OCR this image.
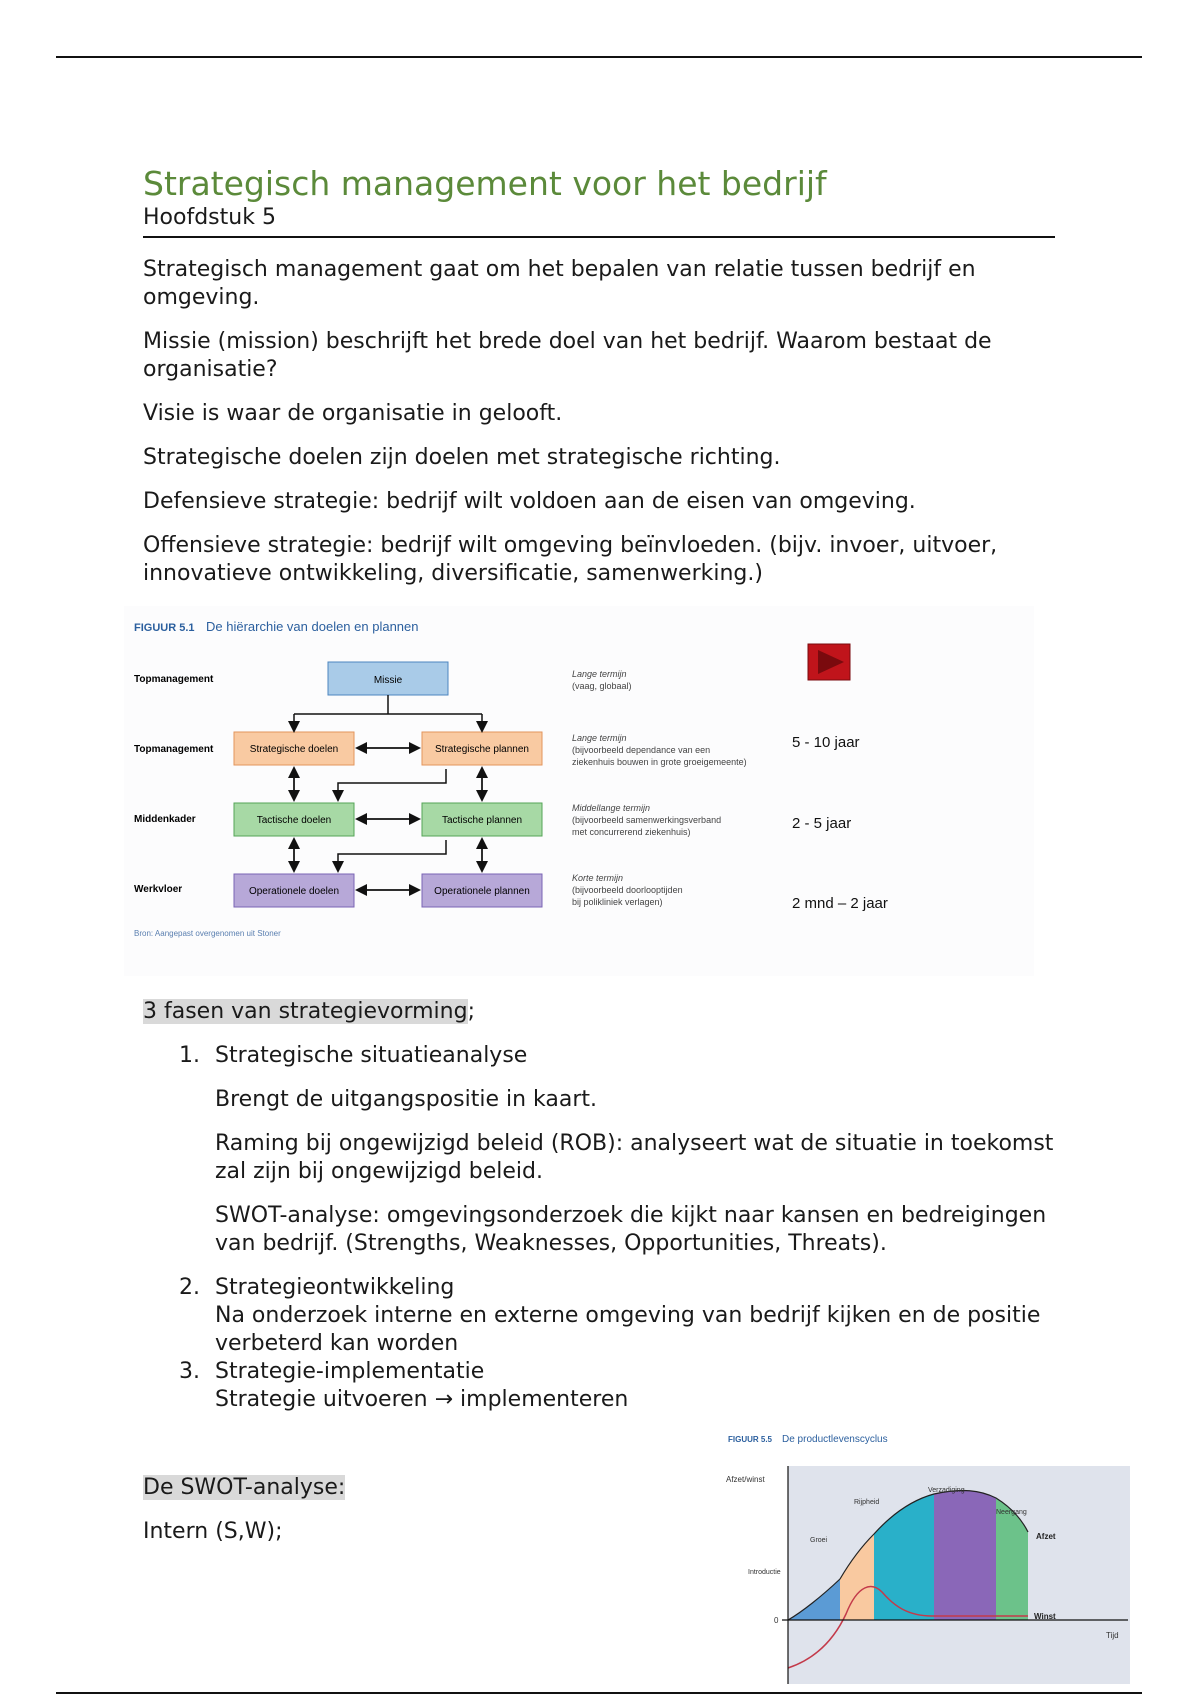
Strategisch management voor het bedrijf
Hoofdstuk 5

Strategisch management gaat om het bepalen van relatie tussen bedrijf en omgeving.

Missie (mission) beschrijft het brede doel van het bedrijf. Waarom bestaat de organisatie?

Visie is waar de organisatie in gelooft.

Strategische doelen zijn doelen met strategische richting.

Defensieve strategie: bedrijf wilt voldoen aan de eisen van omgeving.

Offensieve strategie: bedrijf wilt omgeving beïnvloeden. (bijv. invoer, uitvoer, innovatieve ontwikkeling, diversificatie, samenwerking.)

FIGUUR 5.1 De hiërarchie van doelen en plannen
Topmanagement
Topmanagement
Middenkader
Werkvloer
Missie
Strategische doelen	Strategische plannen
Tactische doelen	Tactische plannen
Operationele doelen	Operationele plannen
Lange termijn
(vaag, globaal)
Lange termijn
(bijvoorbeeld dependance van een
ziekenhuis bouwen in grote groeigemeente)
Middellange termijn
(bijvoorbeeld samenwerkingsverband
met concurrerend ziekenhuis)
Korte termijn
(bijvoorbeeld doorlooptijden
bij polikliniek verlagen)
5 - 10 jaar
2 - 5 jaar
2 mnd – 2 jaar
Bron: Aangepast overgenomen uit Stoner
3 fasen van strategievorming;
1. Strategische situatieanalyse

Brengt de uitgangspositie in kaart.

Raming bij ongewijzigd beleid (ROB): analyseert wat de situatie in toekomst zal zijn bij ongewijzigd beleid.

SWOT-analyse: omgevingsonderzoek die kijkt naar kansen en bedreigingen van bedrijf. (Strengths, Weaknesses, Opportunities, Threats).

2. Strategieontwikkeling
Na onderzoek interne en externe omgeving van bedrijf kijken en de positie verbeterd kan worden
3. Strategie-implementatie
Strategie uitvoeren → implementeren
De SWOT-analyse:
Intern (S,W);
FIGUUR 5.5 De productlevenscyclus
Afzet/winst
Tijd
0
Introductie
Groei
Rijpheid
Verzadiging
Neergang
Afzet
Winst
